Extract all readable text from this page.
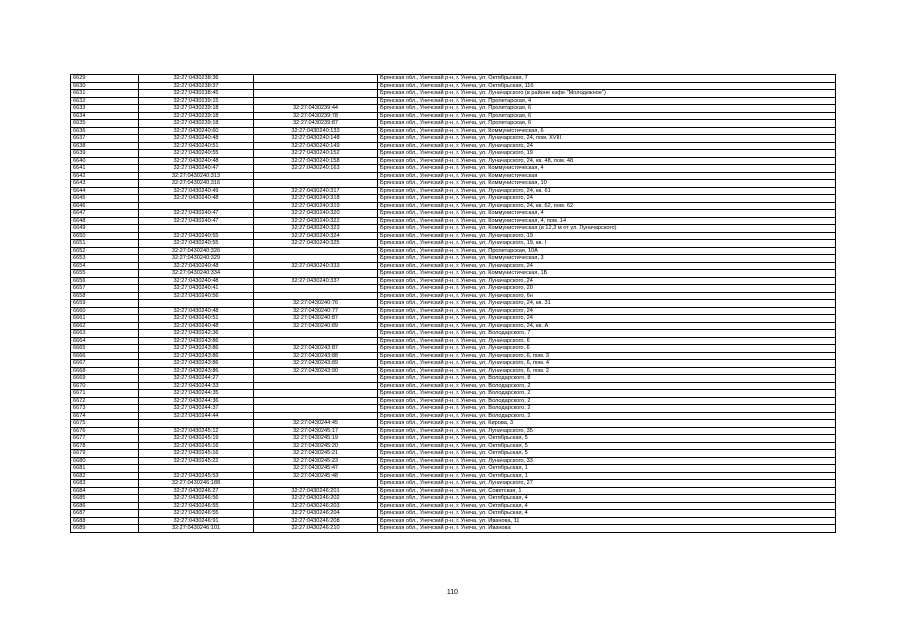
6629	32:27:0430238:36		Брянская обл., Унечский р-н, г. Унеча, ул. Октябрьская, 7
6630	32:27:0430238:37		Брянская обл., Унечский р-н, г. Унеча, ул. Октябрьская, 11б
6631	32:27:0430238:45		Брянская обл., Унечский р-н, г. Унеча, ул. Луначарского (в районе кафе "Молодежное")
6632	32:27:0430239:15		Брянская обл., Унечский р-н, г. Унеча, ул. Пролетарская, 4
6633	32:27:0430239:18	32:27:0430239:44	Брянская обл., Унечский р-н, г. Унеча, ул. Пролетарская, 6
6634	32:27:0430239:18	32:27:0430239:78	Брянская обл., Унечский р-н, г. Унеча, ул. Пролетарская, 6
6635	32:27:0430239:18	32:27:0430239:87	Брянская обл., Унечский р-н, г. Унеча, ул. Пролетарская, 6
6636	32:27:0430240:60	32:27:0430240:133	Брянская обл., Унечский р-н, г. Унеча, ул. Коммунистическая, 6
6637	32:27:0430240:48	32:27:0430240:148	Брянская обл., Унечский р-н, г. Унеча, ул. Луначарского, 24, пом. XVIII
6638	32:27:0430240:51	32:27:0430240:149	Брянская обл., Унечский р-н, г. Унеча, ул. Луначарского, 24
6639	32:27:0430240:55	32:27:0430240:152	Брянская обл., Унечский р-н, г. Унеча, ул. Луначарского, 19
6640	32:27:0430240:48	32:27:0430240:158	Брянская обл., Унечский р-н, г. Унеча, ул. Луначарского, 24, кв. 48, пом. 48
6641	32:27:0430240:47	32:27:0430240:163	Брянская обл., Унечский р-н, г. Унеча, ул. Коммунистическая, 4
6642	32:27:0430240:313		Брянская обл., Унечский р-н, г. Унеча, ул. Коммунистическая
6643	32:27:0430240:316		Брянская обл., Унечский р-н, г. Унеча, ул. Коммунистическая, 10
6644	32:27:0430240:49	32:27:0430240:317	Брянская обл., Унечский р-н, г. Унеча, ул. Луначарского, 24, кв. 61
6645	32:27:0430240:48	32:27:0430240:318	Брянская обл., Унечский р-н, г. Унеча, ул. Луначарского, 24
6646		32:27:0430240:319	Брянская обл., Унечский р-н, г. Унеча, ул. Луначарского, 24, кв. 62, пом. 62
6647	32:27:0430240:47	32:27:0430240:320	Брянская обл., Унечский р-н, г. Унеча, ул. Коммунистическая, 4
6648	32:27:0430240:47	32:27:0430240:322	Брянская обл., Унечский р-н, г. Унеча, ул. Коммунистическая, 4, пом. 14
6649		32:27:0430240:323	Брянская обл., Унечский р-н, г. Унеча, ул. Коммунистическая (в 12,3 м от ул. Луначарского)
6650	32:27:0430240:55	32:27:0430240:324	Брянская обл., Унечский р-н, г. Унеча, ул. Луначарского, 19
6651	32:27:0430240:55	32:27:0430240:325	Брянская обл., Унечский р-н, г. Унеча, ул. Луначарского, 19, кв. I
6652	32:27:0430240:326		Брянская обл., Унечский р-н, г. Унеча, ул. Пролетарская, 10А
6653	32:27:0430240:329		Брянская обл., Унечский р-н, г. Унеча, ул. Коммунистическая, 3
6654	32:27:0430240:48	32:27:0430240:333	Брянская обл., Унечский р-н, г. Унеча, ул. Луначарского, 24
6655	32:27:0430240:334		Брянская обл., Унечский р-н, г. Унеча, ул. Коммунистическая, 1Б
6656	32:27:0430240:48	32:27:0430240:337	Брянская обл., Унечский р-н, г. Унеча, ул. Луначарского, 24
6657	32:27:0430240:41		Брянская обл., Унечский р-н, г. Унеча, ул. Луначарского, 20
6658	32:27:0430240:56		Брянская обл., Унечский р-н, г. Унеча, ул. Луначарского, 6н
6659		32:27:0430240:76	Брянская обл., Унечский р-н, г. Унеча, ул. Луначарского, 24, кв. 31
6660	32:27:0430240:48	32:27:0430240:77	Брянская обл., Унечский р-н, г. Унеча, ул. Луначарского, 24
6661	32:27:0430240:51	32:27:0430240:87	Брянская обл., Унечский р-н, г. Унеча, ул. Луначарского, 24
6662	32:27:0430240:48	32:27:0430240:89	Брянская обл., Унечский р-н, г. Унеча, ул. Луначарского, 24, кв. А
6663	32:27:0430242:36		Брянская обл., Унечский р-н, г. Унеча, ул. Володарского, 7
6664	32:27:0430243:86		Брянская обл., Унечский р-н, г. Унеча, ул. Луначарского, 6
6665	32:27:0430243:86	32:27:0430243:87	Брянская обл., Унечский р-н, г. Унеча, ул. Луначарского, 6
6666	32:27:0430243:86	32:27:0430243:88	Брянская обл., Унечский р-н, г. Унеча, ул. Луначарского, 6, пом. 3
6667	32:27:0430243:86	32:27:0430243:89	Брянская обл., Унечский р-н, г. Унеча, ул. Луначарского, 6, пом. 4
6668	32:27:0430243:86	32:27:0430243:90	Брянская обл., Унечский р-н, г. Унеча, ул. Луначарского, 6, пом. 2
6669	32:27:0430244:27		Брянская обл., Унечский р-н, г. Унеча, ул. Володарского, 8
6670	32:27:0430244:33		Брянская обл., Унечский р-н, г. Унеча, ул. Володарского, 2
6671	32:27:0430244:35		Брянская обл., Унечский р-н, г. Унеча, ул. Володарского, 2
6672	32:27:0430244:36		Брянская обл., Унечский р-н, г. Унеча, ул. Володарского, 2
6673	32:27:0430244:37		Брянская обл., Унечский р-н, г. Унеча, ул. Володарского, 2
6674	32:27:0430244:44		Брянская обл., Унечский р-н, г. Унеча, ул. Володарского, 2
6675		32:27:0430244:45	Брянская обл., Унечский р-н, г. Унеча, ул. Кирова, 3
6676	32:27:0430245:12	32:27:0430245:17	Брянская обл., Унечский р-н, г. Унеча, ул. Луначарского, 35
6677	32:27:0430245:19	32:27:0430245:19	Брянская обл., Унечский р-н, г. Унеча, ул. Октябрьская, 5
6678	32:27:0430245:16	32:27:0430245:20	Брянская обл., Унечский р-н, г. Унеча, ул. Октябрьская, 5
6679	32:27:0430245:16	32:27:0430245:21	Брянская обл., Унечский р-н, г. Унеча, ул. Октябрьская, 5
6680	32:27:0430245:22	32:27:0430245:23	Брянская обл., Унечский р-н, г. Унеча, ул. Луначарского, 33
6681		32:27:0430245:47	Брянская обл., Унечский р-н, г. Унеча, ул. Октябрьская, 1
6682	32:27:0430245:53	32:27:0430245:48	Брянская обл., Унечский р-н, г. Унеча, ул. Октябрьская, 1
6683	32:27:0430246:188		Брянская обл., Унечский р-н, г. Унеча, ул. Луначарского, 27
6684	32:27:0430246:27	32:27:0430246:201	Брянская обл., Унечский р-н, г. Унеча, ул. Советская, 1
6685	32:27:0430246:56	32:27:0430246:202	Брянская обл., Унечский р-н, г. Унеча, ул. Октябрьская, 4
6686	32:27:0430246:55	32:27:0430246:203	Брянская обл., Унечский р-н, г. Унеча, ул. Октябрьская, 4
6687	32:27:0430246:55	32:27:0430246:204	Брянская обл., Унечский р-н, г. Унеча, ул. Октябрьская, 4
6688	32:27:0430246:91	32:27:0430246:208	Брянская обл., Унечский р-н, г. Унеча, ул. Иванова, 11
6689	32:27:0430246:101	32:27:0430246:210	Брянская обл., Унечский р-н, г. Унеча, ул. Иванова
110
